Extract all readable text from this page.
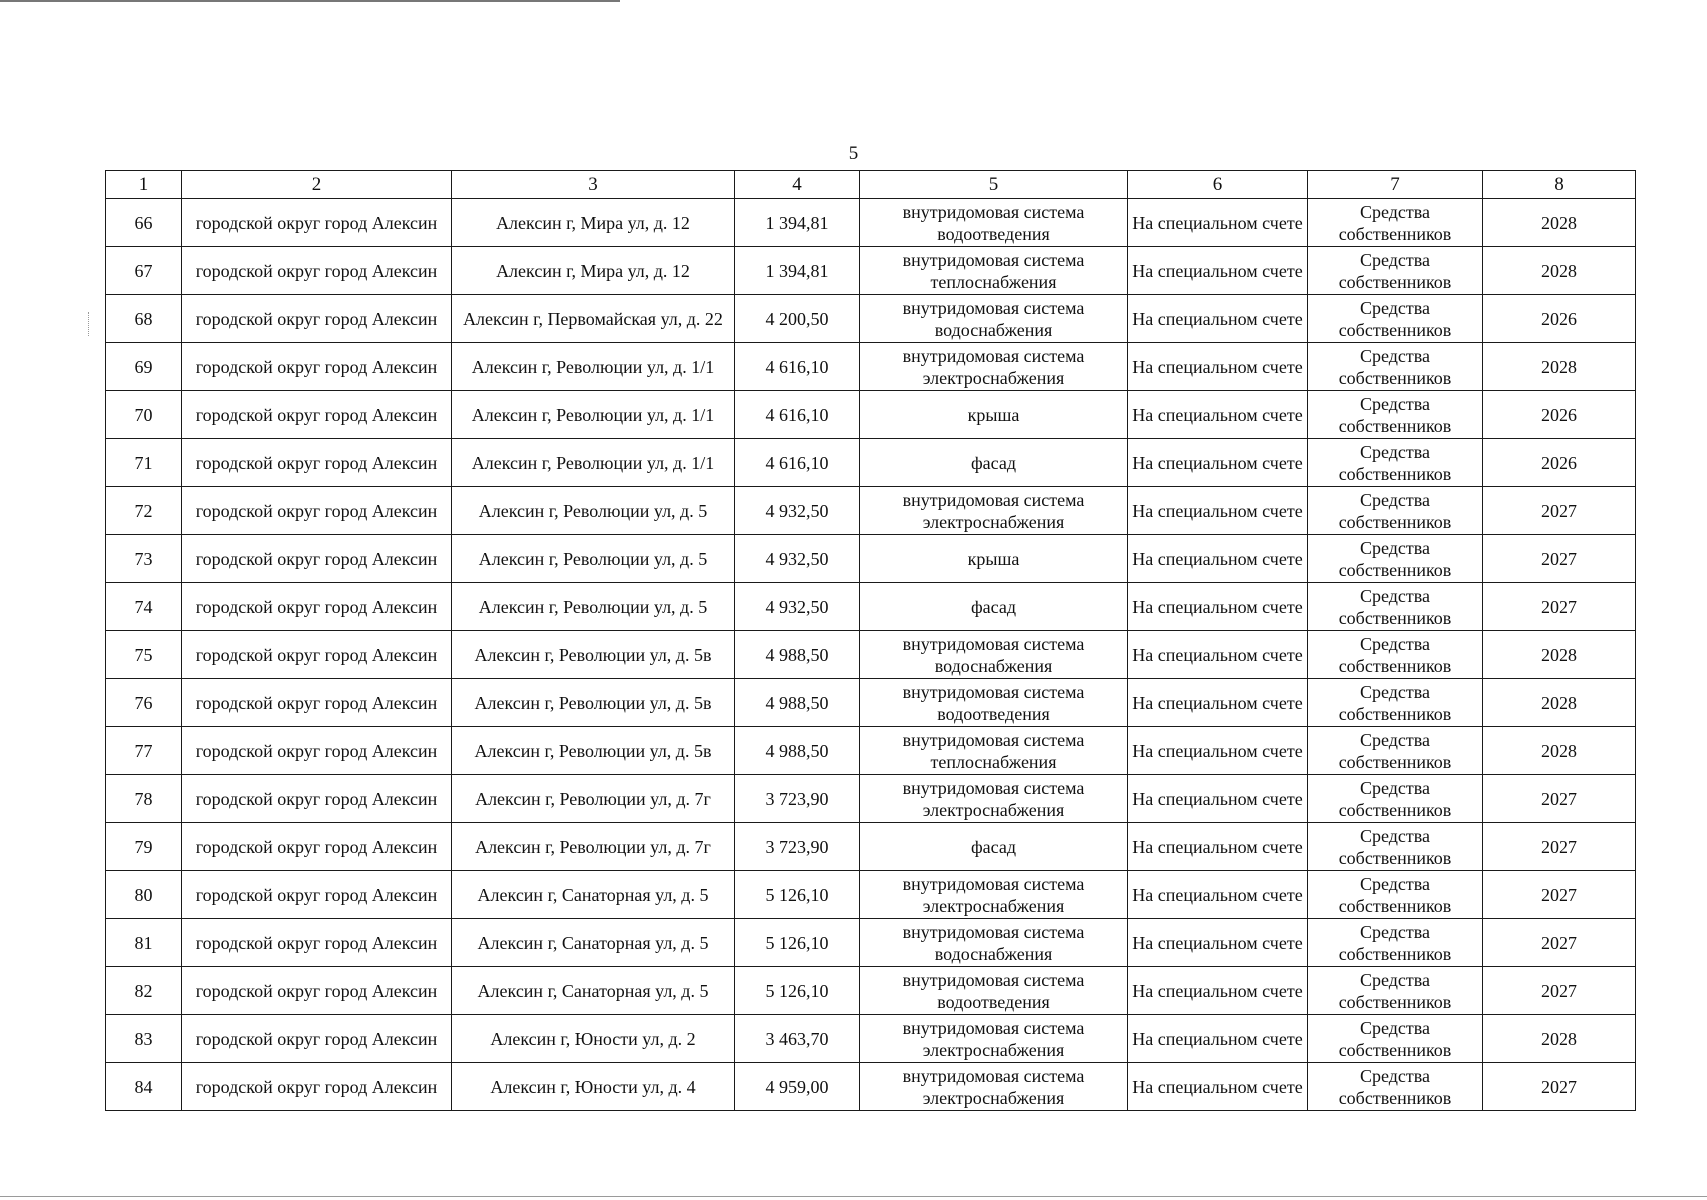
5
1	2	3	4	5	6	7	8
66	городской округ город Алексин	Алексин г, Мира ул, д. 12	1 394,81	внутридомовая система водоотведения	На специальном счете	Средства собственников	2028
67	городской округ город Алексин	Алексин г, Мира ул, д. 12	1 394,81	внутридомовая система теплоснабжения	На специальном счете	Средства собственников	2028
68	городской округ город Алексин	Алексин г, Первомайская ул, д. 22	4 200,50	внутридомовая система водоснабжения	На специальном счете	Средства собственников	2026
69	городской округ город Алексин	Алексин г, Революции ул, д. 1/1	4 616,10	внутридомовая система электроснабжения	На специальном счете	Средства собственников	2028
70	городской округ город Алексин	Алексин г, Революции ул, д. 1/1	4 616,10	крыша	На специальном счете	Средства собственников	2026
71	городской округ город Алексин	Алексин г, Революции ул, д. 1/1	4 616,10	фасад	На специальном счете	Средства собственников	2026
72	городской округ город Алексин	Алексин г, Революции ул, д. 5	4 932,50	внутридомовая система электроснабжения	На специальном счете	Средства собственников	2027
73	городской округ город Алексин	Алексин г, Революции ул, д. 5	4 932,50	крыша	На специальном счете	Средства собственников	2027
74	городской округ город Алексин	Алексин г, Революции ул, д. 5	4 932,50	фасад	На специальном счете	Средства собственников	2027
75	городской округ город Алексин	Алексин г, Революции ул, д. 5в	4 988,50	внутридомовая система водоснабжения	На специальном счете	Средства собственников	2028
76	городской округ город Алексин	Алексин г, Революции ул, д. 5в	4 988,50	внутридомовая система водоотведения	На специальном счете	Средства собственников	2028
77	городской округ город Алексин	Алексин г, Революции ул, д. 5в	4 988,50	внутридомовая система теплоснабжения	На специальном счете	Средства собственников	2028
78	городской округ город Алексин	Алексин г, Революции ул, д. 7г	3 723,90	внутридомовая система электроснабжения	На специальном счете	Средства собственников	2027
79	городской округ город Алексин	Алексин г, Революции ул, д. 7г	3 723,90	фасад	На специальном счете	Средства собственников	2027
80	городской округ город Алексин	Алексин г, Санаторная ул, д. 5	5 126,10	внутридомовая система электроснабжения	На специальном счете	Средства собственников	2027
81	городской округ город Алексин	Алексин г, Санаторная ул, д. 5	5 126,10	внутридомовая система водоснабжения	На специальном счете	Средства собственников	2027
82	городской округ город Алексин	Алексин г, Санаторная ул, д. 5	5 126,10	внутридомовая система водоотведения	На специальном счете	Средства собственников	2027
83	городской округ город Алексин	Алексин г, Юности ул, д. 2	3 463,70	внутридомовая система электроснабжения	На специальном счете	Средства собственников	2028
84	городской округ город Алексин	Алексин г, Юности ул, д. 4	4 959,00	внутридомовая система электроснабжения	На специальном счете	Средства собственников	2027
